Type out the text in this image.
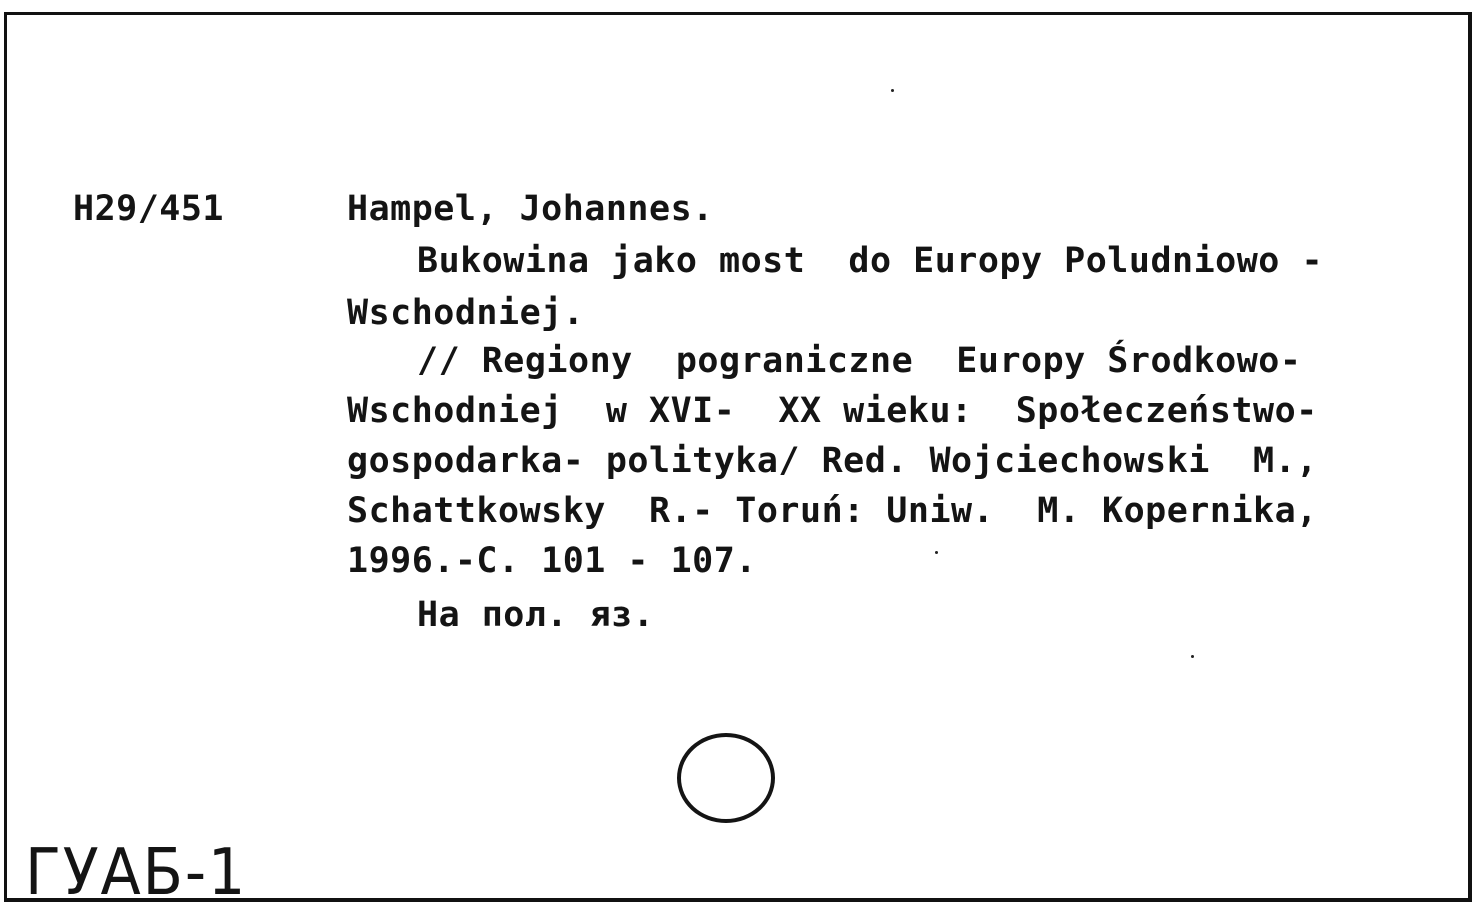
H29/451	Hampel, Johannes.
Bukowina jako most  do Europy Poludniowo -
Wschodniej.
// Regiony  pograniczne  Europy Środkowo-
Wschodniej  w XVI-  XX wieku:  Społeczeństwo-
gospodarka- polityka/ Red. Wojciechowski  M.,
Schattkowsky  R.- Toruń: Uniw.  M. Kopernika,
1996.-C. 101 - 107.
На пол. яз.
ГУАБ-1
